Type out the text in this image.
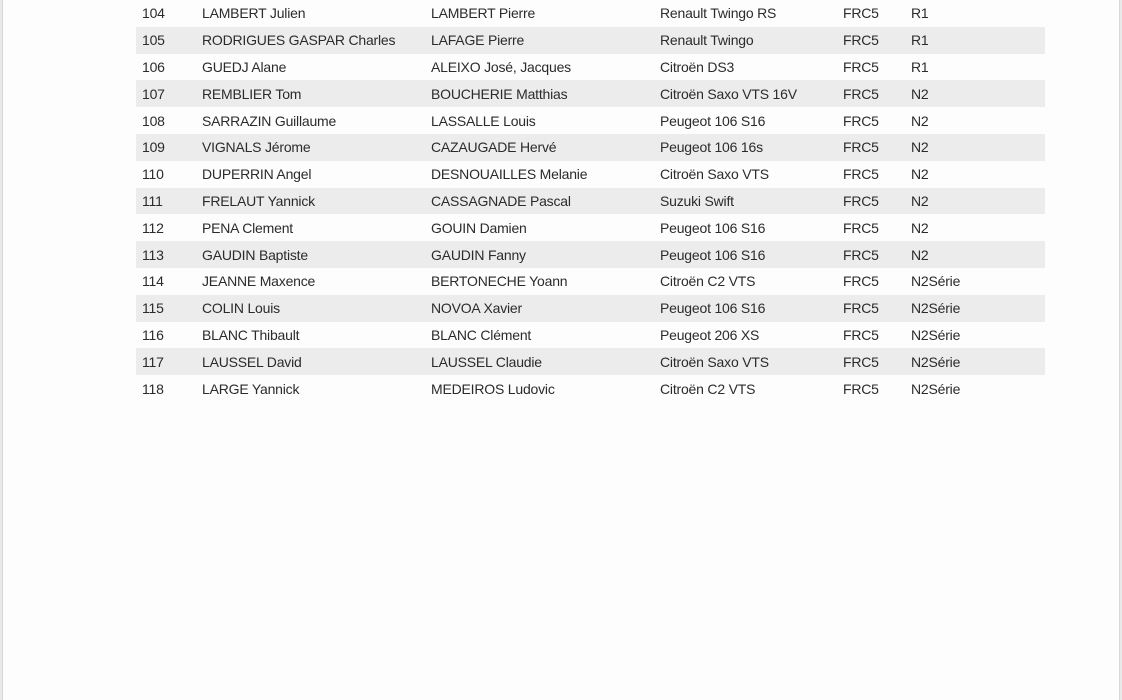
104	LAMBERT Julien	LAMBERT Pierre	Renault Twingo RS	FRC5	R1
105	RODRIGUES GASPAR Charles	LAFAGE Pierre	Renault Twingo	FRC5	R1
106	GUEDJ Alane	ALEIXO José, Jacques	Citroën DS3	FRC5	R1
107	REMBLIER Tom	BOUCHERIE Matthias	Citroën Saxo VTS 16V	FRC5	N2
108	SARRAZIN Guillaume	LASSALLE Louis	Peugeot 106 S16	FRC5	N2
109	VIGNALS Jérome	CAZAUGADE Hervé	Peugeot 106 16s	FRC5	N2
110	DUPERRIN Angel	DESNOUAILLES Melanie	Citroën Saxo VTS	FRC5	N2
111	FRELAUT Yannick	CASSAGNADE Pascal	Suzuki Swift	FRC5	N2
112	PENA Clement	GOUIN Damien	Peugeot 106 S16	FRC5	N2
113	GAUDIN Baptiste	GAUDIN Fanny	Peugeot 106 S16	FRC5	N2
114	JEANNE Maxence	BERTONECHE Yoann	Citroën C2 VTS	FRC5	N2Série
115	COLIN Louis	NOVOA Xavier	Peugeot 106 S16	FRC5	N2Série
116	BLANC Thibault	BLANC Clément	Peugeot 206 XS	FRC5	N2Série
117	LAUSSEL David	LAUSSEL Claudie	Citroën Saxo VTS	FRC5	N2Série
118	LARGE Yannick	MEDEIROS Ludovic	Citroën C2 VTS	FRC5	N2Série
